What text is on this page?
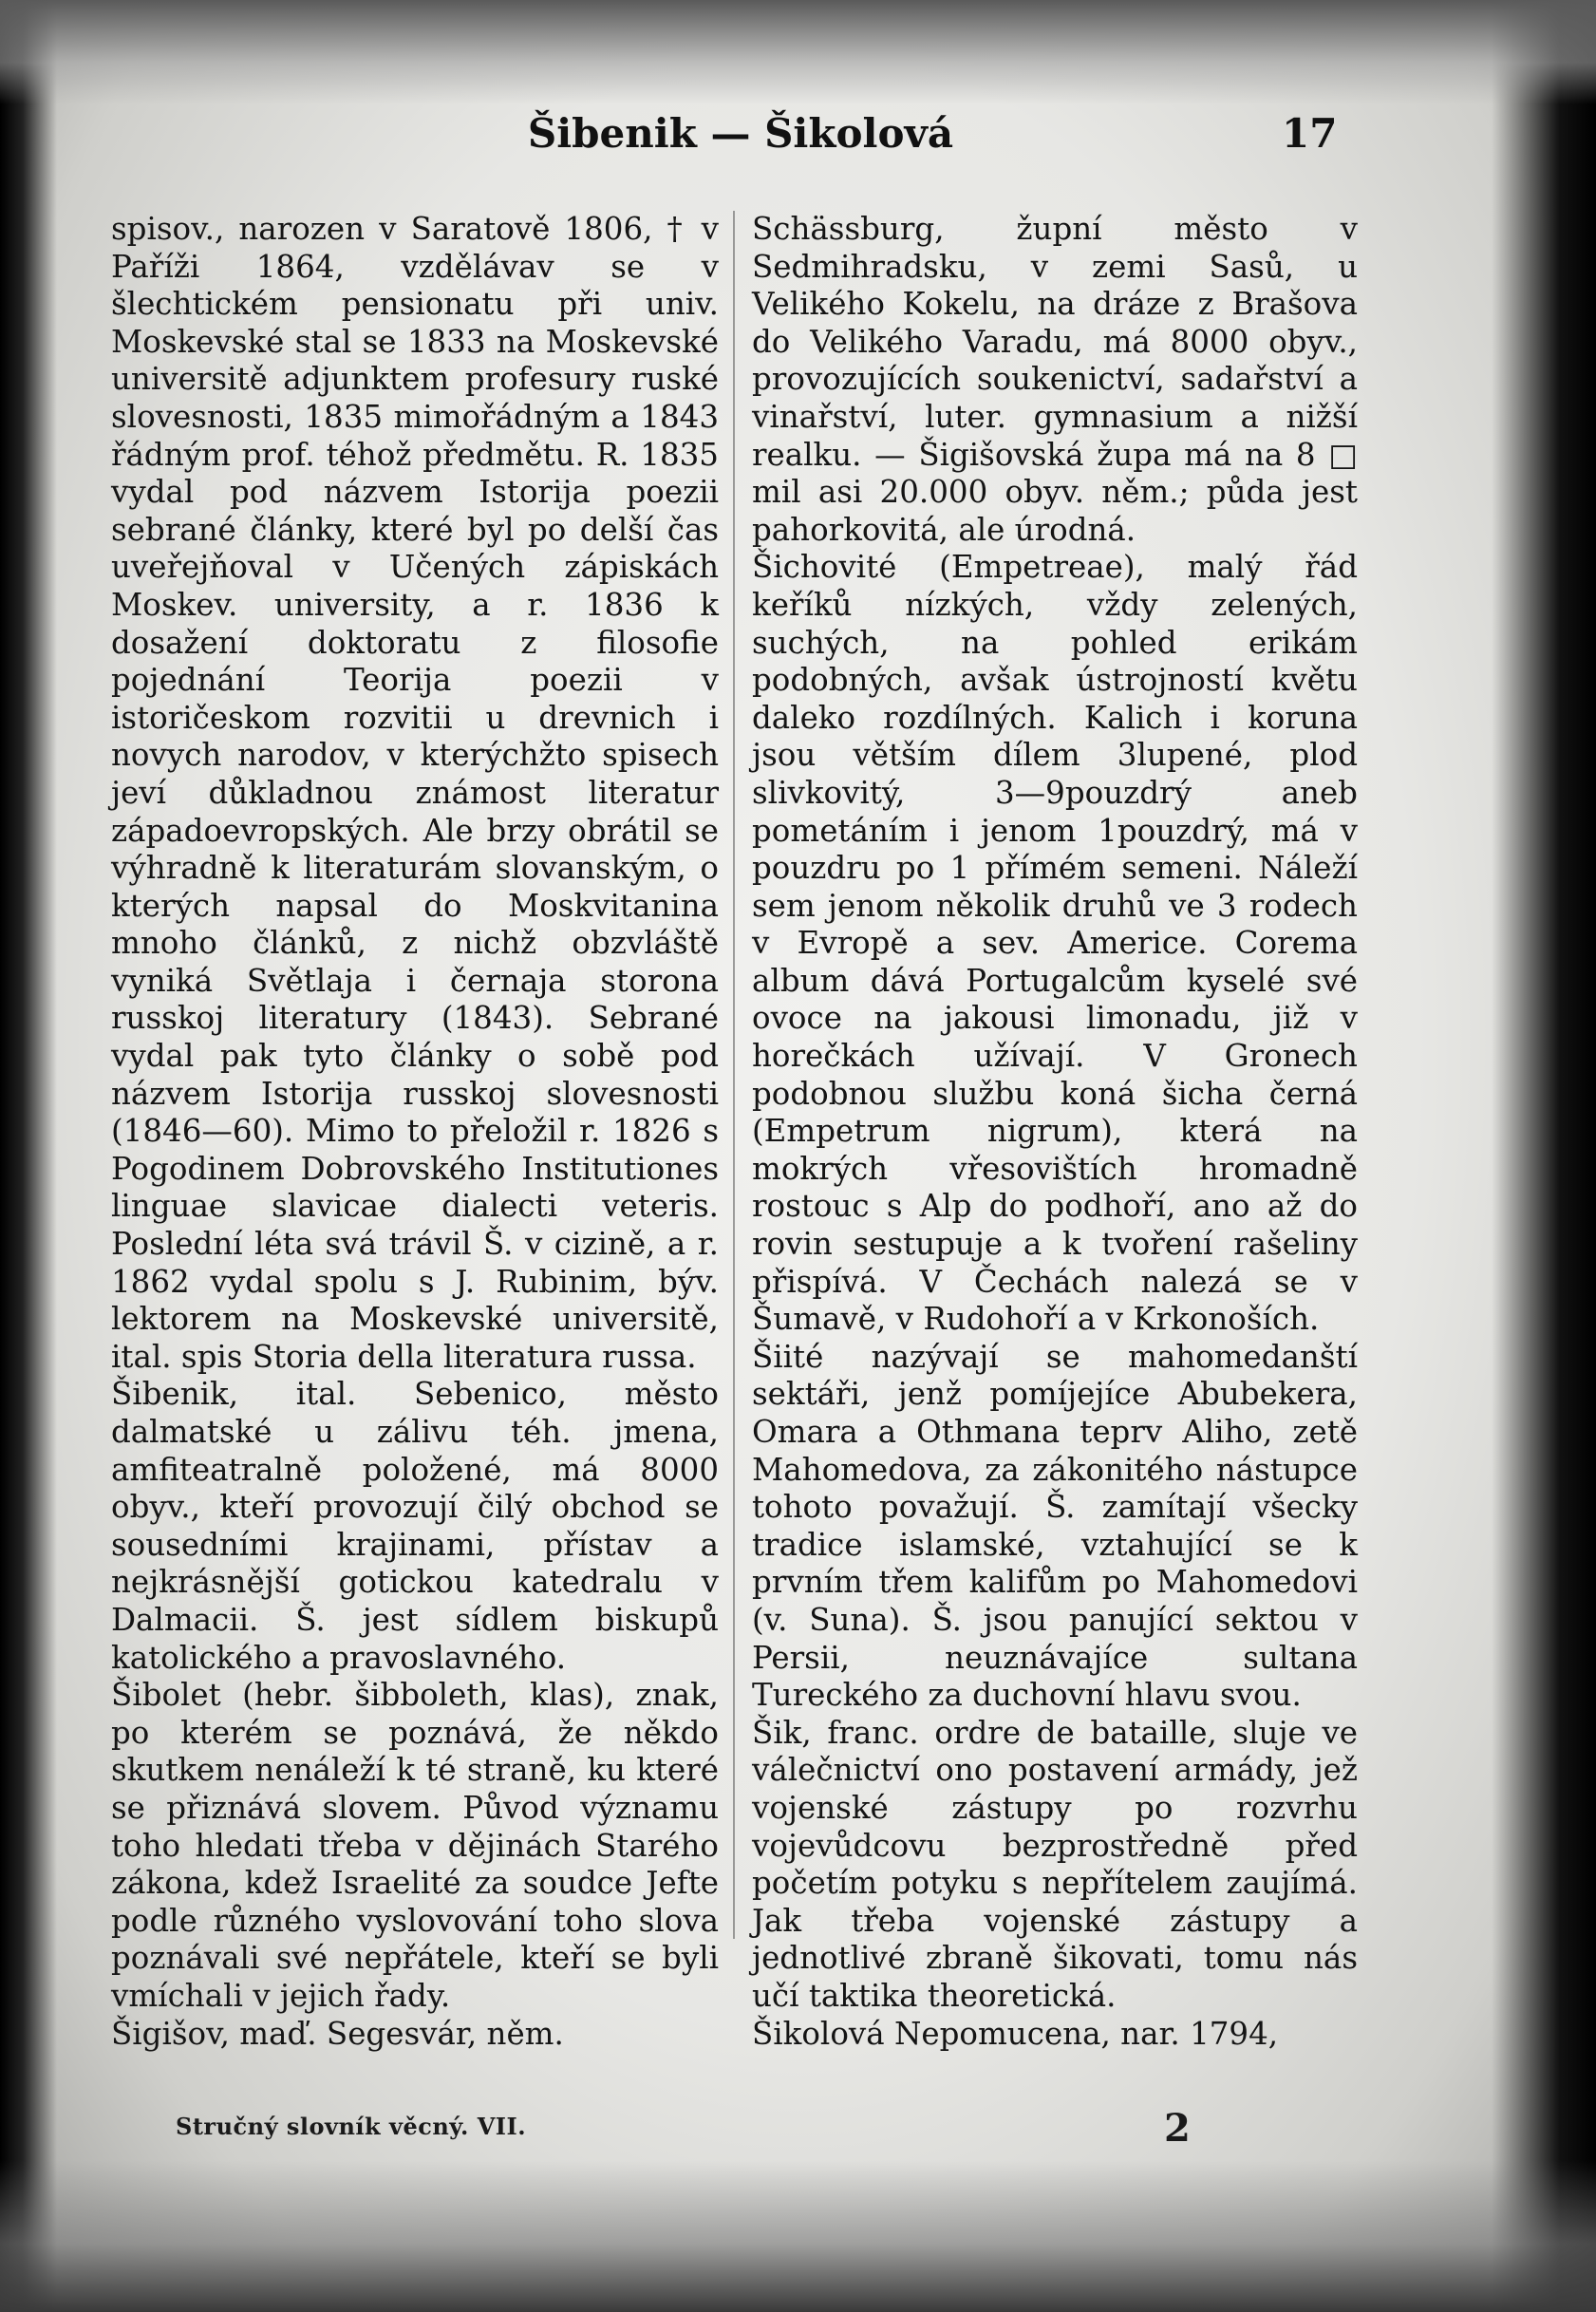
Šibenik — Šikolová	17

spisov., narozen v Saratově 1806, † v Paříži 1864, vzdělávav se v šlechtickém pensionatu při univ. Moskevské stal se 1833 na Moskevské universitě adjunktem profesury ruské slovesnosti, 1835 mimořádným a 1843 řádným prof. téhož předmětu. R. 1835 vydal pod názvem Istorija poezii sebrané články, které byl po delší čas uveřejňoval v Učených zápiskách Moskev. university, a r. 1836 k dosažení doktoratu z filosofie pojednání Teorija poezii v istoričeskom rozvitii u drevnich i novych narodov, v kterýchžto spisech jeví důkladnou známost literatur západoevropských. Ale brzy obrátil se výhradně k literaturám slovanským, o kterých napsal do Moskvitanina mnoho článků, z nichž obzvláště vyniká Světlaja i černaja storona russkoj literatury (1843). Sebrané vydal pak tyto články o sobě pod názvem Istorija russkoj slovesnosti (1846—60). Mimo to přeložil r. 1826 s Pogodinem Dobrovského Institutiones linguae slavicae dialecti veteris. Poslední léta svá trávil Š. v cizině, a r. 1862 vydal spolu s J. Rubinim, býv. lektorem na Moskevské universitě, ital. spis Storia della literatura russa.

Šibenik, ital. Sebenico, město dalmatské u zálivu téh. jmena, amfiteatralně položené, má 8000 obyv., kteří provozují čilý obchod se sousedními krajinami, přístav a nejkrásnější gotickou katedralu v Dalmacii. Š. jest sídlem biskupů katolického a pravoslavného.

Šibolet (hebr. šibboleth, klas), znak, po kterém se poznává, že někdo skutkem nenáleží k té straně, ku které se přiznává slovem. Původ významu toho hledati třeba v dějinách Starého zákona, kdež Israelité za soudce Jefte podle různého vyslovování toho slova poznávali své nepřátele, kteří se byli vmíchali v jejich řady.

Šigišov, maď. Segesvár, něm.

Schässburg, župní město v Sedmihradsku, v zemi Sasů, u Velikého Kokelu, na dráze z Brašova do Velikého Varadu, má 8000 obyv., provozujících soukenictví, sadařství a vinařství, luter. gymnasium a nižší realku. — Šigišovská župa má na 8 □ mil asi 20.000 obyv. něm.; půda jest pahorkovitá, ale úrodná.

Šichovité (Empetreae), malý řád keříků nízkých, vždy zelených, suchých, na pohled erikám podobných, avšak ústrojností květu daleko rozdílných. Kalich i koruna jsou větším dílem 3lupené, plod slivkovitý, 3—9pouzdrý aneb pometáním i jenom 1pouzdrý, má v pouzdru po 1 přímém semeni. Náleží sem jenom několik druhů ve 3 rodech v Evropě a sev. Americe. Corema album dává Portugalcům kyselé své ovoce na jakousi limonadu, již v horečkách užívají. V Gronech podobnou službu koná šicha černá (Empetrum nigrum), která na mokrých vřesovištích hromadně rostouc s Alp do podhoří, ano až do rovin sestupuje a k tvoření rašeliny přispívá. V Čechách nalezá se v Šumavě, v Rudohoří a v Krkonoších.

Šiité nazývají se mahomedanští sektáři, jenž pomíjejíce Abubekera, Omara a Othmana teprv Aliho, zetě Mahomedova, za zákonitého nástupce tohoto považují. Š. zamítají všecky tradice islamské, vztahující se k prvním třem kalifům po Mahomedovi (v. Suna). Š. jsou panující sektou v Persii, neuznávajíce sultana Tureckého za duchovní hlavu svou.

Šik, franc. ordre de bataille, sluje ve válečnictví ono postavení armády, jež vojenské zástupy po rozvrhu vojevůdcovu bezprostředně před početím potyku s nepřítelem zaujímá. Jak třeba vojenské zástupy a jednotlivé zbraně šikovati, tomu nás učí taktika theoretická.

Šikolová Nepomucena, nar. 1794,

Stručný slovník věcný. VII.	2
